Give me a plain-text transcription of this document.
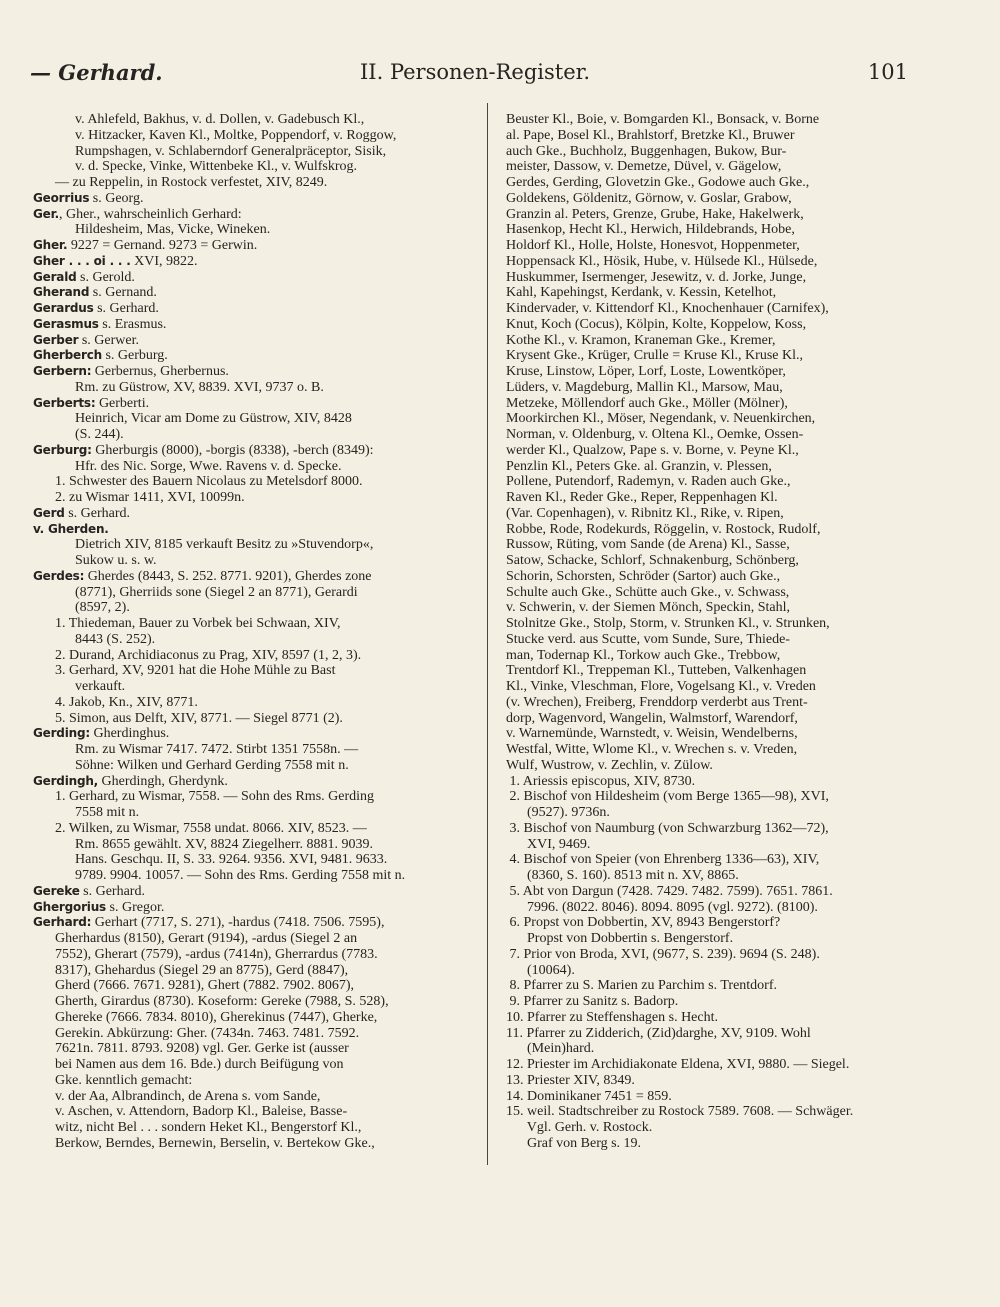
— Gerhard.	II. Personen-Register.	101
v. Ahlefeld, Bakhus, v. d. Dollen, v. Gadebusch Kl.,
v. Hitzacker, Kaven Kl., Moltke, Poppendorf, v. Roggow,
Rumpshagen, v. Schlaberndorf Generalpräceptor, Sisik,
v. d. Specke, Vinke, Wittenbeke Kl., v. Wulfskrog.
— zu Reppelin, in Rostock verfestet, XIV, 8249.
Georrius s. Georg.
Ger., Gher., wahrscheinlich Gerhard:
Hildesheim, Mas, Vicke, Wineken.
Gher. 9227 = Gernand. 9273 = Gerwin.
Gher . . . oi . . . XVI, 9822.
Gerald s. Gerold.
Gherand s. Gernand.
Gerardus s. Gerhard.
Gerasmus s. Erasmus.
Gerber s. Gerwer.
Gherberch s. Gerburg.
Gerbern: Gerbernus, Gherbernus.
Rm. zu Güstrow, XV, 8839. XVI, 9737 o. B.
Gerberts: Gerberti.
Heinrich, Vicar am Dome zu Güstrow, XIV, 8428
(S. 244).
Gerburg: Gherburgis (8000), -borgis (8338), -berch (8349):
Hfr. des Nic. Sorge, Wwe. Ravens v. d. Specke.
1. Schwester des Bauern Nicolaus zu Metelsdorf 8000.
2. zu Wismar 1411, XVI, 10099n.
Gerd s. Gerhard.
v. Gherden.
Dietrich XIV, 8185 verkauft Besitz zu »Stuvendorp«,
Sukow u. s. w.
Gerdes: Gherdes (8443, S. 252. 8771. 9201), Gherdes zone
(8771), Gherriids sone (Siegel 2 an 8771), Gerardi
(8597, 2).
1. Thiedeman, Bauer zu Vorbek bei Schwaan, XIV,
8443 (S. 252).
2. Durand, Archidiaconus zu Prag, XIV, 8597 (1, 2, 3).
3. Gerhard, XV, 9201 hat die Hohe Mühle zu Bast
verkauft.
4. Jakob, Kn., XIV, 8771.
5. Simon, aus Delft, XIV, 8771. — Siegel 8771 (2).
Gerding: Gherdinghus.
Rm. zu Wismar 7417. 7472. Stirbt 1351 7558n. —
Söhne: Wilken und Gerhard Gerding 7558 mit n.
Gerdingh, Gherdingh, Gherdynk.
1. Gerhard, zu Wismar, 7558. — Sohn des Rms. Gerding
7558 mit n.
2. Wilken, zu Wismar, 7558 undat. 8066. XIV, 8523. —
Rm. 8655 gewählt. XV, 8824 Ziegelherr. 8881. 9039.
Hans. Geschqu. II, S. 33. 9264. 9356. XVI, 9481. 9633.
9789. 9904. 10057. — Sohn des Rms. Gerding 7558 mit n.
Gereke s. Gerhard.
Ghergorius s. Gregor.
Gerhard: Gerhart (7717, S. 271), -hardus (7418. 7506. 7595),
Gherhardus (8150), Gerart (9194), -ardus (Siegel 2 an
7552), Gherart (7579), -ardus (7414n), Gherrardus (7783.
8317), Ghehardus (Siegel 29 an 8775), Gerd (8847),
Gherd (7666. 7671. 9281), Ghert (7882. 7902. 8067),
Gherth, Girardus (8730). Koseform: Gereke (7988, S. 528),
Ghereke (7666. 7834. 8010), Gherekinus (7447), Gherke,
Gerekin. Abkürzung: Gher. (7434n. 7463. 7481. 7592.
7621n. 7811. 8793. 9208) vgl. Ger. Gerke ist (ausser
bei Namen aus dem 16. Bde.) durch Beifügung von
Gke. kenntlich gemacht:
v. der Aa, Albrandinch, de Arena s. vom Sande,
v. Aschen, v. Attendorn, Badorp Kl., Baleise, Basse-
witz, nicht Bel . . . sondern Heket Kl., Bengerstorf Kl.,
Berkow, Berndes, Bernewin, Berselin, v. Bertekow Gke.,
Beuster Kl., Boie, v. Bomgarden Kl., Bonsack, v. Borne
al. Pape, Bosel Kl., Brahlstorf, Bretzke Kl., Bruwer
auch Gke., Buchholz, Buggenhagen, Bukow, Bur-
meister, Dassow, v. Demetze, Düvel, v. Gägelow,
Gerdes, Gerding, Glovetzin Gke., Godowe auch Gke.,
Goldekens, Göldenitz, Görnow, v. Goslar, Grabow,
Granzin al. Peters, Grenze, Grube, Hake, Hakelwerk,
Hasenkop, Hecht Kl., Herwich, Hildebrands, Hobe,
Holdorf Kl., Holle, Holste, Honesvot, Hoppenmeter,
Hoppensack Kl., Hösik, Hube, v. Hülsede Kl., Hülsede,
Huskummer, Isermenger, Jesewitz, v. d. Jorke, Junge,
Kahl, Kapehingst, Kerdank, v. Kessin, Ketelhot,
Kindervader, v. Kittendorf Kl., Knochenhauer (Carnifex),
Knut, Koch (Cocus), Kölpin, Kolte, Koppelow, Koss,
Kothe Kl., v. Kramon, Kraneman Gke., Kremer,
Krysent Gke., Krüger, Crulle = Kruse Kl., Kruse Kl.,
Kruse, Linstow, Löper, Lorf, Loste, Lowentköper,
Lüders, v. Magdeburg, Mallin Kl., Marsow, Mau,
Metzeke, Möllendorf auch Gke., Möller (Mölner),
Moorkirchen Kl., Möser, Negendank, v. Neuenkirchen,
Norman, v. Oldenburg, v. Oltena Kl., Oemke, Ossen-
werder Kl., Qualzow, Pape s. v. Borne, v. Peyne Kl.,
Penzlin Kl., Peters Gke. al. Granzin, v. Plessen,
Pollene, Putendorf, Rademyn, v. Raden auch Gke.,
Raven Kl., Reder Gke., Reper, Reppenhagen Kl.
(Var. Copenhagen), v. Ribnitz Kl., Rike, v. Ripen,
Robbe, Rode, Rodekurds, Röggelin, v. Rostock, Rudolf,
Russow, Rüting, vom Sande (de Arena) Kl., Sasse,
Satow, Schacke, Schlorf, Schnakenburg, Schönberg,
Schorin, Schorsten, Schröder (Sartor) auch Gke.,
Schulte auch Gke., Schütte auch Gke., v. Schwass,
v. Schwerin, v. der Siemen Mönch, Speckin, Stahl,
Stolnitze Gke., Stolp, Storm, v. Strunken Kl., v. Strunken,
Stucke verd. aus Scutte, vom Sunde, Sure, Thiede-
man, Todernap Kl., Torkow auch Gke., Trebbow,
Trentdorf Kl., Treppeman Kl., Tutteben, Valkenhagen
Kl., Vinke, Vleschman, Flore, Vogelsang Kl., v. Vreden
(v. Wrechen), Freiberg, Frenddorp verderbt aus Trent-
dorp, Wagenvord, Wangelin, Walmstorf, Warendorf,
v. Warnemünde, Warnstedt, v. Weisin, Wendelberns,
Westfal, Witte, Wlome Kl., v. Wrechen s. v. Vreden,
Wulf, Wustrow, v. Zechlin, v. Zülow.
1. Ariessis episcopus, XIV, 8730.
2. Bischof von Hildesheim (vom Berge 1365—98), XVI,
(9527). 9736n.
3. Bischof von Naumburg (von Schwarzburg 1362—72),
XVI, 9469.
4. Bischof von Speier (von Ehrenberg 1336—63), XIV,
(8360, S. 160). 8513 mit n. XV, 8865.
5. Abt von Dargun (7428. 7429. 7482. 7599). 7651. 7861.
7996. (8022. 8046). 8094. 8095 (vgl. 9272). (8100).
6. Propst von Dobbertin, XV, 8943 Bengerstorf?
Propst von Dobbertin s. Bengerstorf.
7. Prior von Broda, XVI, (9677, S. 239). 9694 (S. 248).
(10064).
8. Pfarrer zu S. Marien zu Parchim s. Trentdorf.
9. Pfarrer zu Sanitz s. Badorp.
10. Pfarrer zu Steffenshagen s. Hecht.
11. Pfarrer zu Zidderich, (Zid)darghe, XV, 9109. Wohl
(Mein)hard.
12. Priester im Archidiakonate Eldena, XVI, 9880. — Siegel.
13. Priester XIV, 8349.
14. Dominikaner 7451 = 859.
15. weil. Stadtschreiber zu Rostock 7589. 7608. — Schwäger.
Vgl. Gerh. v. Rostock.
Graf von Berg s. 19.
